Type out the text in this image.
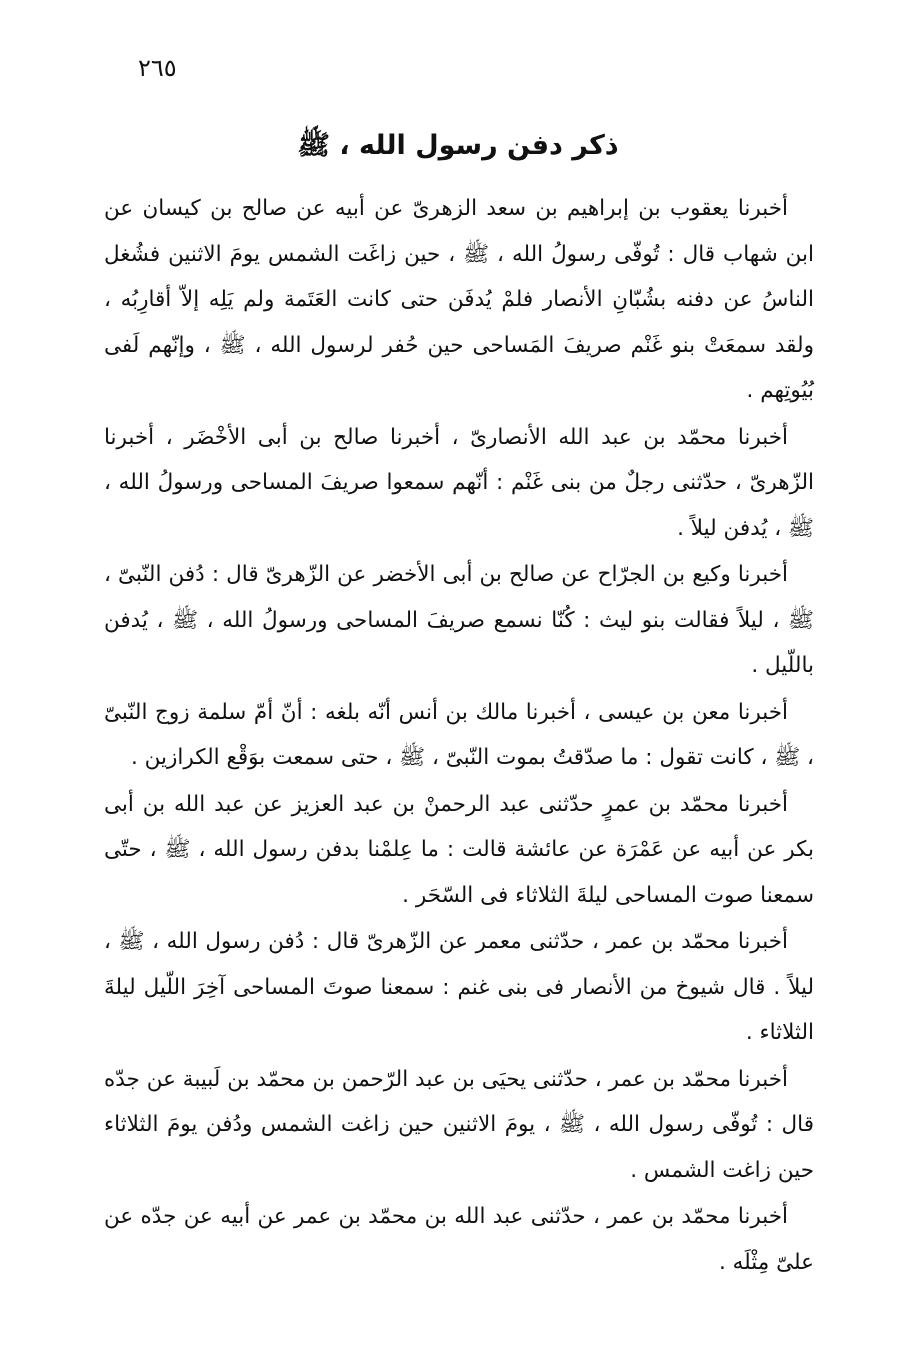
٢٦٥
ذكر دفن رسول الله ، ﷺ

أخبرنا يعقوب بن إبراهيم بن سعد الزهرىّ عن أبيه عن صالح بن كيسان عن ابن شهاب قال : تُوفّى رسولُ الله ، ﷺ ، حين زاغَت الشمس يومَ الاثنين فشُغل الناسُ عن دفنه بشُبّانِ الأنصار فلمْ يُدفَن حتى كانت العَتَمة ولم يَلِه إلاّ أقارِبُه ، ولقد سمعَتْ بنو غَنْم صريفَ المَساحى حين حُفر لرسول الله ، ﷺ ، وإنّهم لَفى بُيُوتِهم .

أخبرنا محمّد بن عبد الله الأنصارىّ ، أخبرنا صالح بن أبى الأخْضَر ، أخبرنا الزّهرىّ ، حدّثنى رجلٌ من بنى غَنْم : أنّهم سمعوا صريفَ المساحى ورسولُ الله ، ﷺ ، يُدفن ليلاً .

أخبرنا وكيع بن الجرّاح عن صالح بن أبى الأخضر عن الزّهرىّ قال : دُفن النّبىّ ، ﷺ ، ليلاً فقالت بنو ليث : كُنّا نسمع صريفَ المساحى ورسولُ الله ، ﷺ ، يُدفن باللّيل .

أخبرنا معن بن عيسى ، أخبرنا مالك بن أنس أنّه بلغه : أنّ أمّ سلمة زوج النّبىّ ، ﷺ ، كانت تقول : ما صدّقتُ بموت النّبىّ ، ﷺ ، حتى سمعت بوَقْع الكرازين .

أخبرنا محمّد بن عمرٍ حدّثنى عبد الرحمنْ بن عبد العزيز عن عبد الله بن أبى بكر عن أبيه عن عَمْرَة عن عائشة قالت : ما عِلمْنا بدفن رسول الله ، ﷺ ، حتّى سمعنا صوت المساحى ليلةَ الثلاثاء فى السّحَر .

أخبرنا محمّد بن عمر ، حدّثنى معمر عن الزّهرىّ قال : دُفن رسول الله ، ﷺ ، ليلاً . قال شيوخ من الأنصار فى بنى غنم : سمعنا صوتَ المساحى آخِرَ اللّيل ليلةَ الثلاثاء .

أخبرنا محمّد بن عمر ، حدّثنى يحيَى بن عبد الرّحمن بن محمّد بن لَبيبة عن جدّه قال : تُوفّى رسول الله ، ﷺ ، يومَ الاثنين حين زاغت الشمس ودُفن يومَ الثلاثاء حين زاغت الشمس .

أخبرنا محمّد بن عمر ، حدّثنى عبد الله بن محمّد بن عمر عن أبيه عن جدّه عن علىّ مِثْلَه .
